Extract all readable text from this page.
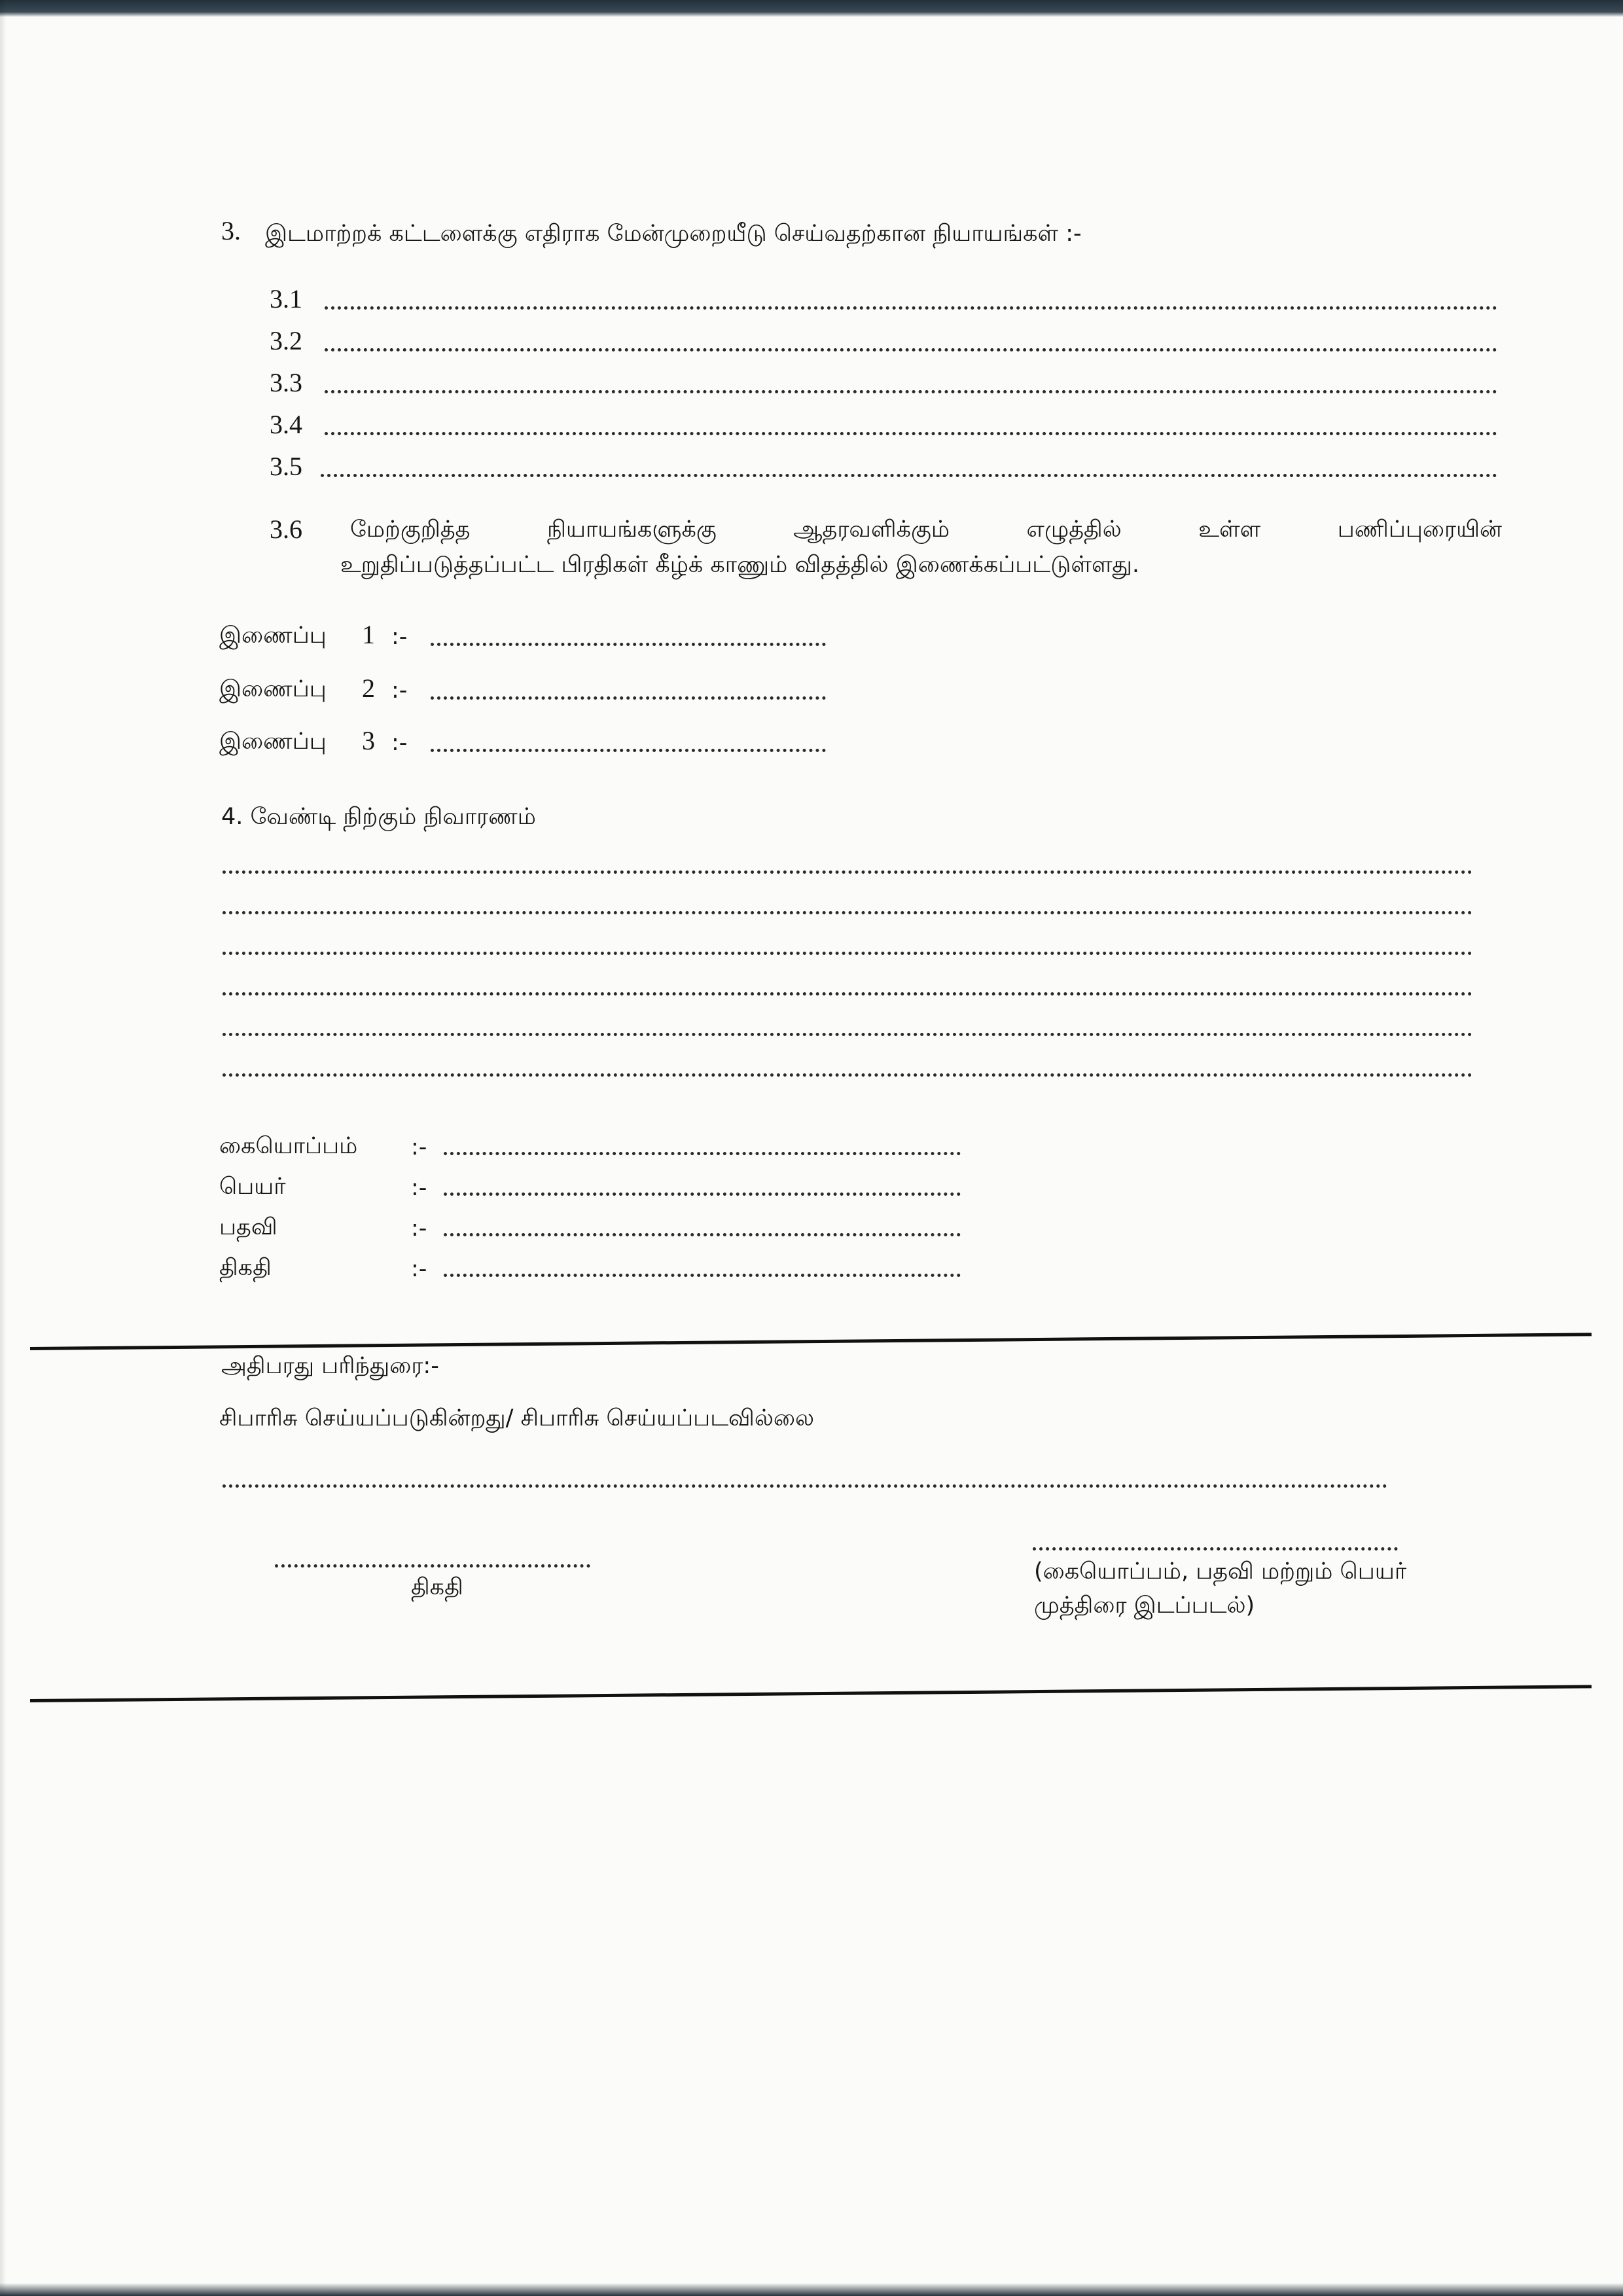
3. இடமாற்றக் கட்டளைக்கு எதிராக மேன்முறையீடு செய்வதற்கான நியாயங்கள் :-
3.1
3.2
3.3
3.4
3.5
3.6 மேற்குறித்த நியாயங்களுக்கு ஆதரவளிக்கும் எழுத்தில் உள்ள பணிப்புரையின்
உறுதிப்படுத்தப்பட்ட பிரதிகள் கீழ்க் காணும் விதத்தில் இணைக்கப்பட்டுள்ளது.
இணைப்பு 1 :-
இணைப்பு 2 :-
இணைப்பு 3 :-
4. வேண்டி நிற்கும் நிவாரணம்
கையொப்பம் :-
பெயர்	:-
பதவி	:-
திகதி	:-
அதிபரது பரிந்துரை:-
சிபாரிசு செய்யப்படுகின்றது/ சிபாரிசு செய்யப்படவில்லை
திகதி
(கையொப்பம், பதவி மற்றும் பெயர்
முத்திரை இடப்படல்)
